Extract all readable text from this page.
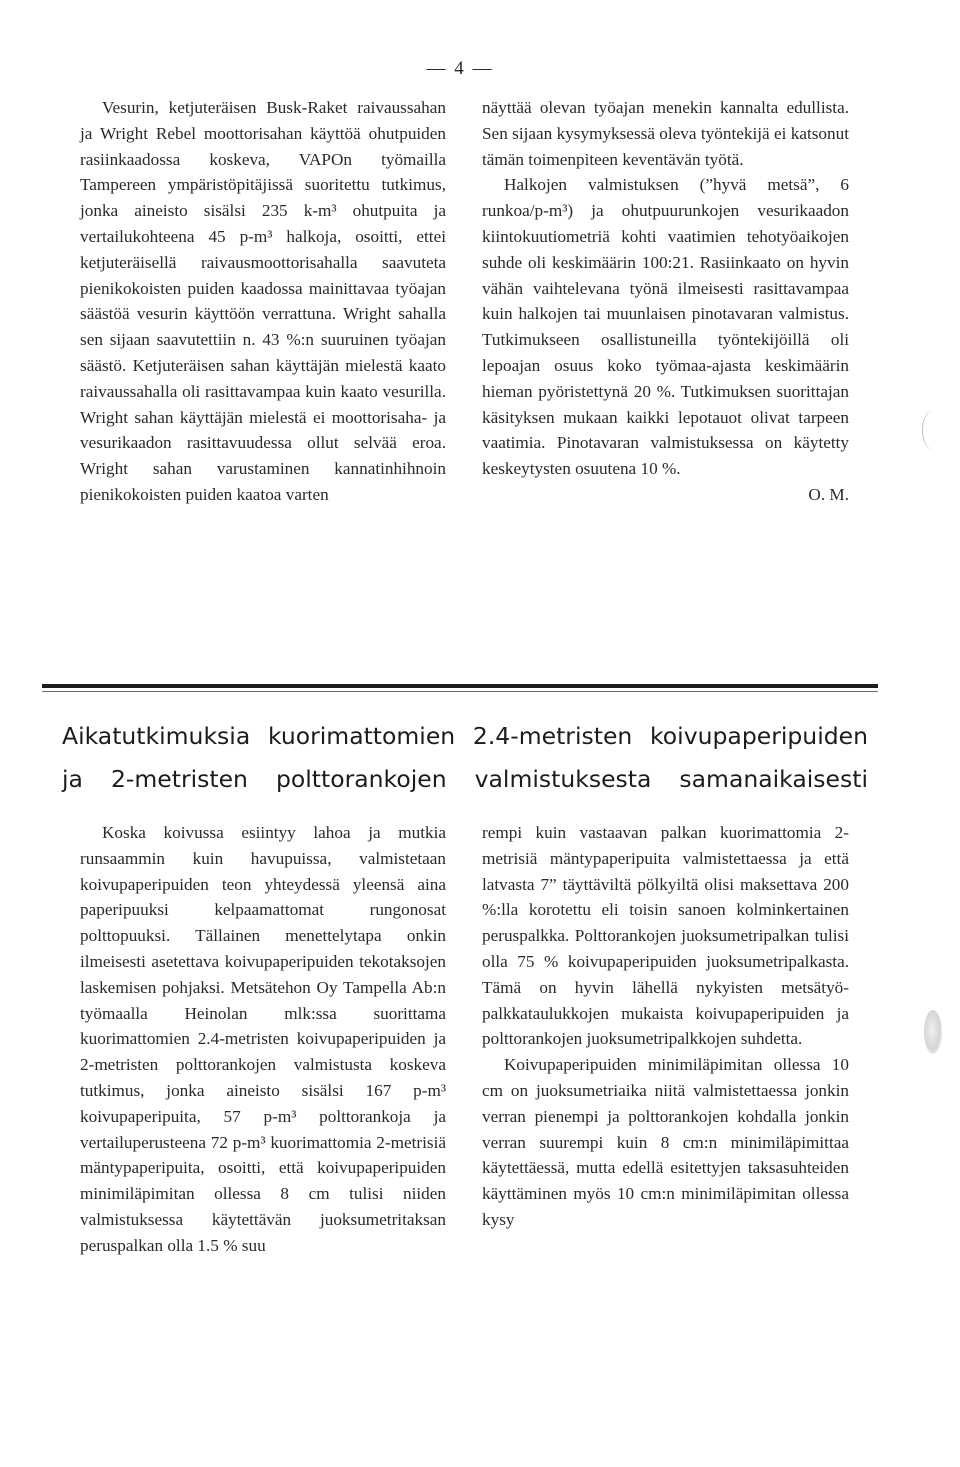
— 4 —

Vesurin, ketjuteräisen Busk-Raket raivaussahan ja Wright Rebel moottorisahan käyttöä ohutpuiden rasiinkaadossa koskeva, VAPOn työmailla Tampereen ympäristöpitäjissä suoritettu tutkimus, jonka aineisto sisälsi 235 k-m³ ohutpuita ja vertailukohteena 45 p-m³ halkoja, osoitti, ettei ketjuteräisellä raivausmoottorisahalla saavuteta pienikokoisten puiden kaadossa mainittavaa työajan säästöä vesurin käyttöön verrattuna. Wright sahalla sen sijaan saavutettiin n. 43 %:n suuruinen työajan säästö. Ketjuteräisen sahan käyttäjän mielestä kaato raivaussahalla oli rasittavampaa kuin kaato vesurilla. Wright sahan käyttäjän mielestä ei moottorisaha- ja vesurikaadon rasittavuudessa ollut selvää eroa. Wright sahan varustaminen kannatinhihnoin pienikokoisten puiden kaatoa varten

näyttää olevan työajan menekin kannalta edullista. Sen sijaan kysymyksessä oleva työntekijä ei katsonut tämän toimenpiteen keventävän työtä.

Halkojen valmistuksen (”hyvä metsä”, 6 runkoa/p-m³) ja ohutpuurunkojen vesurikaadon kiintokuutiometriä kohti vaatimien tehotyöaikojen suhde oli keskimäärin 100:21. Rasiinkaato on hyvin vähän vaihtelevana työnä ilmeisesti rasittavampaa kuin halkojen tai muunlaisen pinotavaran valmistus. Tutkimukseen osallistuneilla työntekijöillä oli lepoajan osuus koko työmaa-ajasta keskimäärin hieman pyöristettynä 20 %. Tutkimuksen suorittajan käsityksen mukaan kaikki lepotauot olivat tarpeen vaatimia. Pinotavaran valmistuksessa on käytetty keskeytysten osuutena 10 %.

O. M.

Aikatutkimuksia kuorimattomien 2.4-metristen koivupaperipuiden
ja 2-metristen polttorankojen valmistuksesta samanaikaisesti

Koska koivussa esiintyy lahoa ja mutkia runsaammin kuin havupuissa, valmistetaan koivupaperipuiden teon yhteydessä yleensä aina paperipuuksi kelpaamattomat rungonosat polttopuuksi. Tällainen menettelytapa onkin ilmeisesti asetettava koivupaperipuiden tekotaksojen laskemisen pohjaksi. Metsätehon Oy Tampella Ab:n työmaalla Heinolan mlk:ssa suorittama kuorimattomien 2.4-metristen koivupaperipuiden ja 2-metristen polttorankojen valmistusta koskeva tutkimus, jonka aineisto sisälsi 167 p-m³ koivupaperipuita, 57 p-m³ polttorankoja ja vertailuperusteena 72 p-m³ kuorimattomia 2-metrisiä mäntypaperipuita, osoitti, että koivupaperipuiden minimiläpimitan ollessa 8 cm tulisi niiden valmistuksessa käytettävän juoksumetritaksan peruspalkan olla 1.5 % suu

rempi kuin vastaavan palkan kuorimattomia 2-metrisiä mäntypaperipuita valmistettaessa ja että latvasta 7” täyttäviltä pölkyiltä olisi maksettava 200 %:lla korotettu eli toisin sanoen kolminkertainen peruspalkka. Polttorankojen juoksumetripalkan tulisi olla 75 % koivupaperipuiden juoksumetripalkasta. Tämä on hyvin lähellä nykyisten metsätyöpalkkataulukkojen mukaista koivupaperipuiden ja polttorankojen juoksumetripalkkojen suhdetta.

Koivupaperipuiden minimiläpimitan ollessa 10 cm on juoksumetriaika niitä valmistettaessa jonkin verran pienempi ja polttorankojen kohdalla jonkin verran suurempi kuin 8 cm:n minimiläpimittaa käytettäessä, mutta edellä esitettyjen taksasuhteiden käyttäminen myös 10 cm:n minimiläpimitan ollessa kysy
